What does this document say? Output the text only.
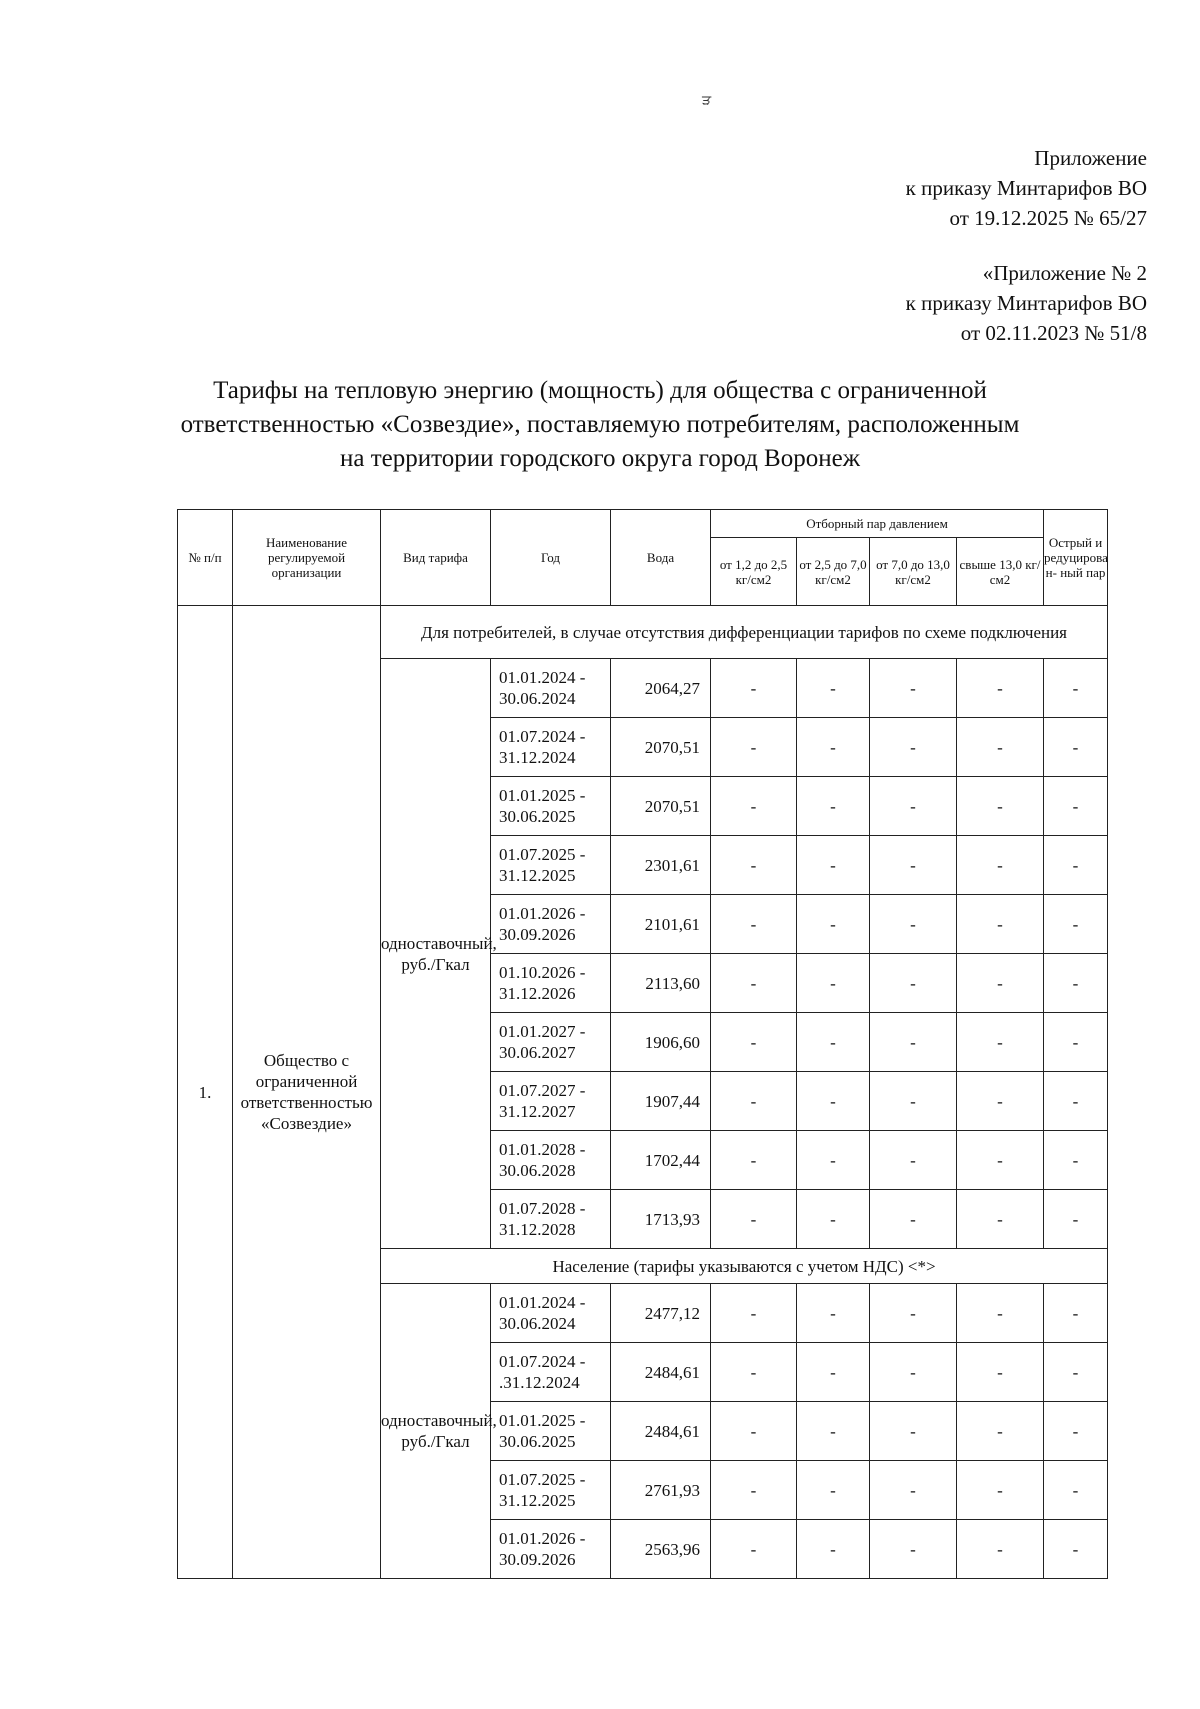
Приложение
к приказу Минтарифов ВО
от 19.12.2025 № 65/27
«Приложение № 2
к приказу Минтарифов ВО
от 02.11.2023 № 51/8
Тарифы на тепловую энергию (мощность) для общества с ограниченной
ответственностью «Созвездие», поставляемую потребителям, расположенным
на территории городского округа город Воронеж
ੜ
№ п/п	Наименование регулируемой организации	Вид тарифа	Год	Вода	Отборный пар давлением				Острый и редуцирова н- ный пар
					от 1,2 до 2,5 кг/см2	от 2,5 до 7,0 кг/см2	от 7,0 до 13,0 кг/см2	свыше 13,0 кг/см2	
1.	Общество с ограниченной ответственностью «Созвездие»	Для потребителей, в случае отсутствия дифференциации тарифов по схеме подключения							
		одноставочный, руб./Гкал	01.01.2024 - 30.06.2024	2064,27	-	-	-	-	-
			01.07.2024 - 31.12.2024	2070,51	-	-	-	-	-
			01.01.2025 - 30.06.2025	2070,51	-	-	-	-	-
			01.07.2025 - 31.12.2025	2301,61	-	-	-	-	-
			01.01.2026 - 30.09.2026	2101,61	-	-	-	-	-
			01.10.2026 - 31.12.2026	2113,60	-	-	-	-	-
			01.01.2027 - 30.06.2027	1906,60	-	-	-	-	-
			01.07.2027 - 31.12.2027	1907,44	-	-	-	-	-
			01.01.2028 - 30.06.2028	1702,44	-	-	-	-	-
			01.07.2028 - 31.12.2028	1713,93	-	-	-	-	-
		Население (тарифы указываются с учетом НДС) <*>							
		одноставочный, руб./Гкал	01.01.2024 - 30.06.2024	2477,12	-	-	-	-	-
			01.07.2024 - .31.12.2024	2484,61	-	-	-	-	-
			01.01.2025 - 30.06.2025	2484,61	-	-	-	-	-
			01.07.2025 - 31.12.2025	2761,93	-	-	-	-	-
			01.01.2026 - 30.09.2026	2563,96	-	-	-	-	-
